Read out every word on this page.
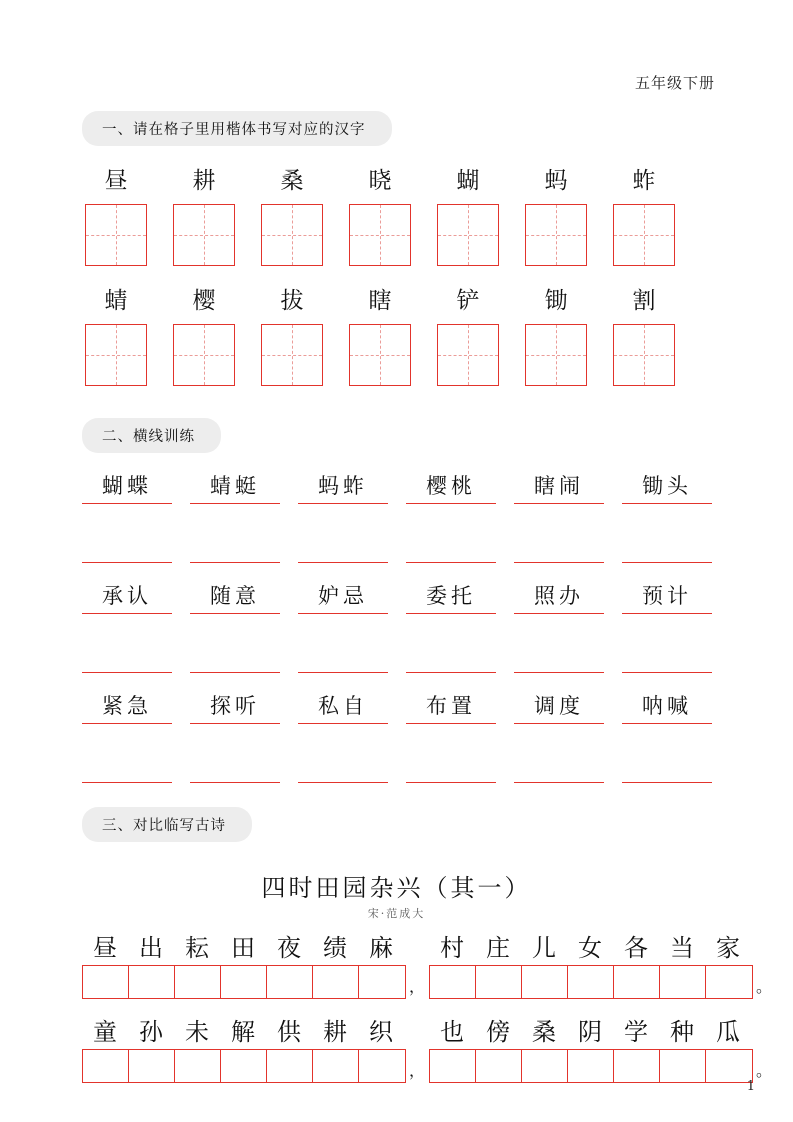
五年级下册
一、请在格子里用楷体书写对应的汉字
昼	耕	桑	晓	蝴	蚂	蚱
蜻	樱	拔	瞎	铲	锄	割
二、横线训练
蝴蝶	蜻蜓	蚂蚱	樱桃	瞎闹	锄头
承认	随意	妒忌	委托	照办	预计
紧急	探听	私自	布置	调度	呐喊
三、对比临写古诗
四时田园杂兴（其一）
宋·范成大
昼 出 耘 田 夜 绩 麻
，
村 庄 儿 女 各 当 家
。
童 孙 未 解 供 耕 织
，
也 傍 桑 阴 学 种 瓜
。
1
